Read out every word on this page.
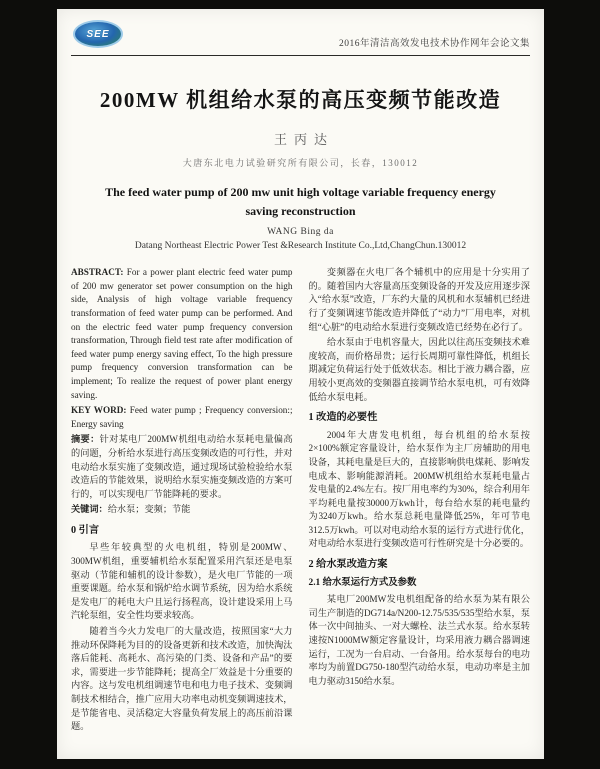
SEE
2016年清洁高效发电技术协作网年会论文集
200MW 机组给水泵的高压变频节能改造
王丙达
大唐东北电力试验研究所有限公司，长春，130012
The feed water pump of 200 mw unit high voltage variable frequency energy saving reconstruction
WANG Bing da
Datang Northeast Electric Power Test &Research Institute Co.,Ltd,ChangChun.130012

ABSTRACT: For a power plant electric feed water pump of 200 mw generator set power consumption on the high side, Analysis of high voltage variable frequency transformation of feed water pump can be performed. And on the electric feed water pump frequency conversion transformation, Through field test rate after modification of feed water pump energy saving effect, To the high pressure pump frequency conversion transformation can be implement; To realize the request of power plant energy saving.

KEY WORD: Feed water pump ; Frequency conversion:; Energy saving

摘要：针对某电厂200MW机组电动给水泵耗电量偏高的问题，分析给水泵进行高压变频改造的可行性，并对电动给水泵实施了变频改造，通过现场试验检验给水泵改造后的节能效果，说明给水泵实施变频改造的方案可行的，可以实现电厂节能降耗的要求。

关键词：给水泵；变频；节能

0 引言

早些年较典型的火电机组，特别是200MW、300MW机组，重要辅机给水泵配置采用汽泵还是电泵驱动（节能和辅机的设计参数），是火电厂节能的一项重要课题。给水泵和锅炉给水调节系统，因为给水系统是发电厂的耗电大户且运行扬程高，设计建设采用上马汽轮泵组，安全性均要求较高。

随着当今火力发电厂的大量改造，按照国家“大力推动环保降耗为目的的设备更新和技术改造，加快淘汰落后能耗、高耗水、高污染的门类、设备和产品”的要求，需要进一步节能降耗；提高全厂效益是十分重要的内容。这与发电机组调速节电和电力电子技术、变频调制技术相结合，推广应用大功率电动机变频调速技术，是节能省电、灵活稳定大容量负荷发展上的高压前沿课题。

变频器在火电厂各个辅机中的应用是十分实用了的。随着国内大容量高压变频设备的开发及应用逐步深入“给水泵”改造，厂东约大量的风机和水泵辅机已经进行了变频调速节能改造并降低了“动力”厂用电率，对机组“心脏”的电动给水泵进行变频改造已经势在必行了。

给水泵由于电机容量大，因此以往高压变频技术难度较高，而价格昂贵；运行长周期可靠性降低，机组长期减定负荷运行处于低效状态。相比于液力耦合器，应用较小更高效的变频器直接调节给水泵电机，可有效降低给水泵电耗。

1 改造的必要性

2004年大唐发电机组，每台机组的给水泵按2×100%额定容量设计，给水泵作为主厂房辅助的用电设备，其耗电量是巨大的，直接影响供电煤耗、影响发电成本、影响能源消耗。200MW机组给水泵耗电量占发电量的2.4%左右。按厂用电率约为30%，综合利用年平均耗电量按30000万kwh计，每台给水泵的耗电量约为3240万kwh。给水泵总耗电量降低25%，年可节电312.5万kwh。可以对电动给水泵的运行方式进行优化，对电动给水泵进行变频改造可行性研究是十分必要的。

2 给水泵改造方案
2.1 给水泵运行方式及参数

某电厂200MW发电机组配备的给水泵为某有限公司生产制造的DG714a/N200-12.75/535/535型给水泵，泵体一次中间抽头、一对大螺栓、法兰式水泵。给水泵转速按N1000MW额定容量设计，均采用液力耦合器调速运行，工况为一台启动、一台备用。给水泵每台的电功率均为前置DG750-180型汽动给水泵，电动功率是主加电力驱动3150给水泵。
